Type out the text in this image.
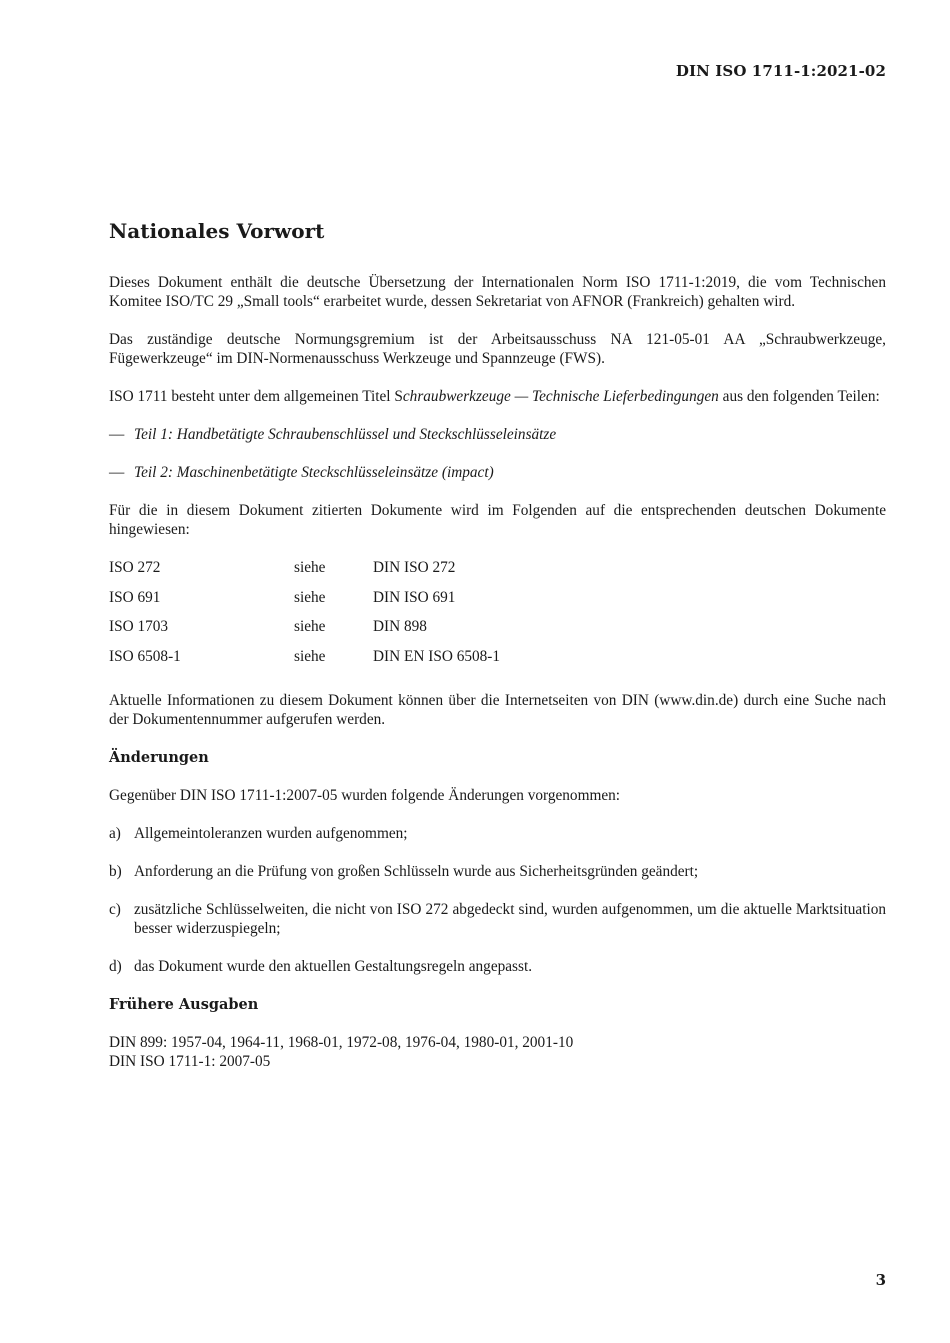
DIN ISO 1711-1:2021-02
Nationales Vorwort

Dieses Dokument enthält die deutsche Übersetzung der Internationalen Norm ISO 1711-1:2019, die vom Technischen Komitee ISO/TC 29 „Small tools“ erarbeitet wurde, dessen Sekretariat von AFNOR (Frankreich) gehalten wird.

Das zuständige deutsche Normungsgremium ist der Arbeitsausschuss NA 121-05-01 AA „Schraubwerkzeuge, Fügewerkzeuge“ im DIN-Normenausschuss Werkzeuge und Spannzeuge (FWS).

ISO 1711 besteht unter dem allgemeinen Titel Schraubwerkzeuge — Technische Lieferbedingungen aus den folgenden Teilen:

— Teil 1: Handbetätigte Schraubenschlüssel und Steckschlüsseleinsätze
— Teil 2: Maschinenbetätigte Steckschlüsseleinsätze (impact)

Für die in diesem Dokument zitierten Dokumente wird im Folgenden auf die entsprechenden deutschen Dokumente hingewiesen:

ISO 272	siehe	DIN ISO 272
ISO 691	siehe	DIN ISO 691
ISO 1703	siehe	DIN 898
ISO 6508-1	siehe	DIN EN ISO 6508-1

Aktuelle Informationen zu diesem Dokument können über die Internetseiten von DIN (www.din.de) durch eine Suche nach der Dokumentennummer aufgerufen werden.

Änderungen

Gegenüber DIN ISO 1711-1:2007-05 wurden folgende Änderungen vorgenommen:

a) Allgemeintoleranzen wurden aufgenommen;
b) Anforderung an die Prüfung von großen Schlüsseln wurde aus Sicherheitsgründen geändert;
c) zusätzliche Schlüsselweiten, die nicht von ISO 272 abgedeckt sind, wurden aufgenommen, um die aktuelle Marktsituation besser widerzuspiegeln;
d) das Dokument wurde den aktuellen Gestaltungsregeln angepasst.
Frühere Ausgaben

DIN 899: 1957-04, 1964-11, 1968-01, 1972-08, 1976-04, 1980-01, 2001-10

DIN ISO 1711-1: 2007-05

3
